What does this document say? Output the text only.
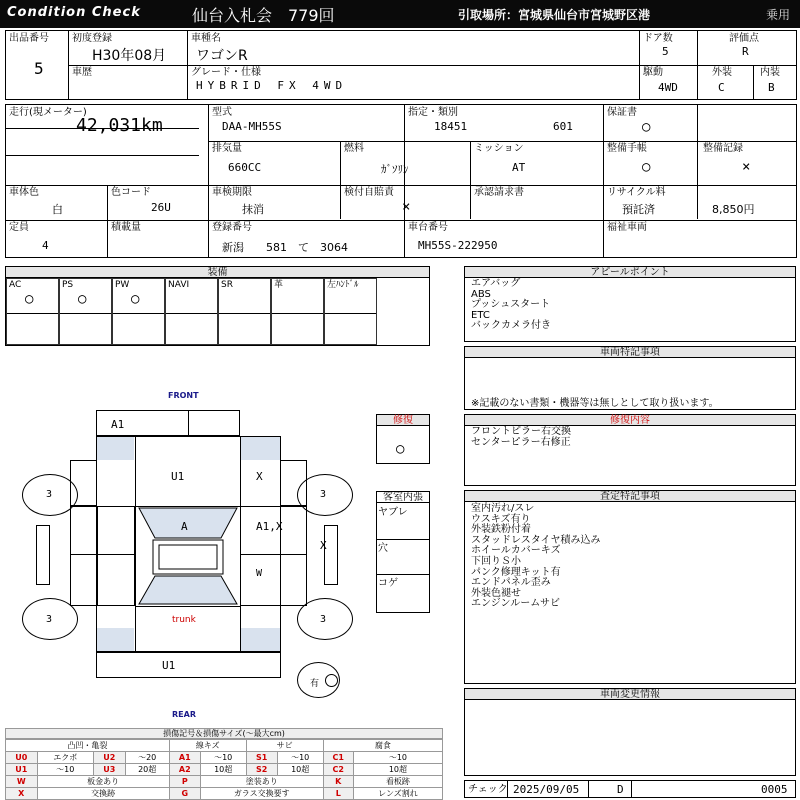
Condition Check	仙台入札会　779回	引取場所：宮城県仙台市宮城野区港	乗用
出品番号
5
初度登録
H30年08月
車種名
ワゴンR
ドア数
5
評価点
R
車歴	グレード・仕様
HYBRID FX 4WD
駆動
4WD
外装
C
内装
B
走行(現メーター)
42,031km
型式
DAA-MH55S
指定・類別
18451	601
保証書
○
排気量
660CC
燃料
ｶﾞｿﾘﾝ
ミッション
AT
整備手帳
○
整備記録
×
車体色
白
色コード
26U
車検期限
抹消
検付自賠責
×
承認請求書	リサイクル料
預託済	8,850円
定員
4
積載量	登録番号
新潟　　581　て　3064
車台番号
MH55S-222950
福祉車両
装備
AC
○
PS
○
PW
○
NAVI	SR	革	左ﾊﾝﾄﾞﾙ
アピールポイント
エアバッグ
ABS
プッシュスタート
ETC
バックカメラ付き
車両特記事項
※記載のない書類・機器等は無しとして取り扱います。
修復内容
フロントピラー右交換
センターピラー右修正
査定特記事項
室内汚れ/スレ
ウスキズ有り
外装鉄粉付着
スタッドレスタイヤ積み込み
ホイールカバーキズ
下回りＳ小
パンク修理キット有
エンドパネル歪み
外装色褪せ
エンジンルームサビ
車両変更情報
チェック 2025/09/05	D	0005
修復
○
客室内張
ヤブレ
穴
コゲ
FRONT
REAR
A1
U1	X
A	A1,X
X
W
trunk
U1
3	3
3	3
有
損傷記号＆損傷サイズ(〜最大cm)
凸凹・亀裂				線キズ		サビ		腐食	
U0	エクボ	U2	〜20	A1	〜10	S1	〜10	C1	〜10
U1	〜10	U3	20超	A2	10超	S2	10超	C2	10超
W	板金あり			P	塗装あり			K	看板跡
X	交換跡			G	ガラス交換要す			L	レンズ割れ
